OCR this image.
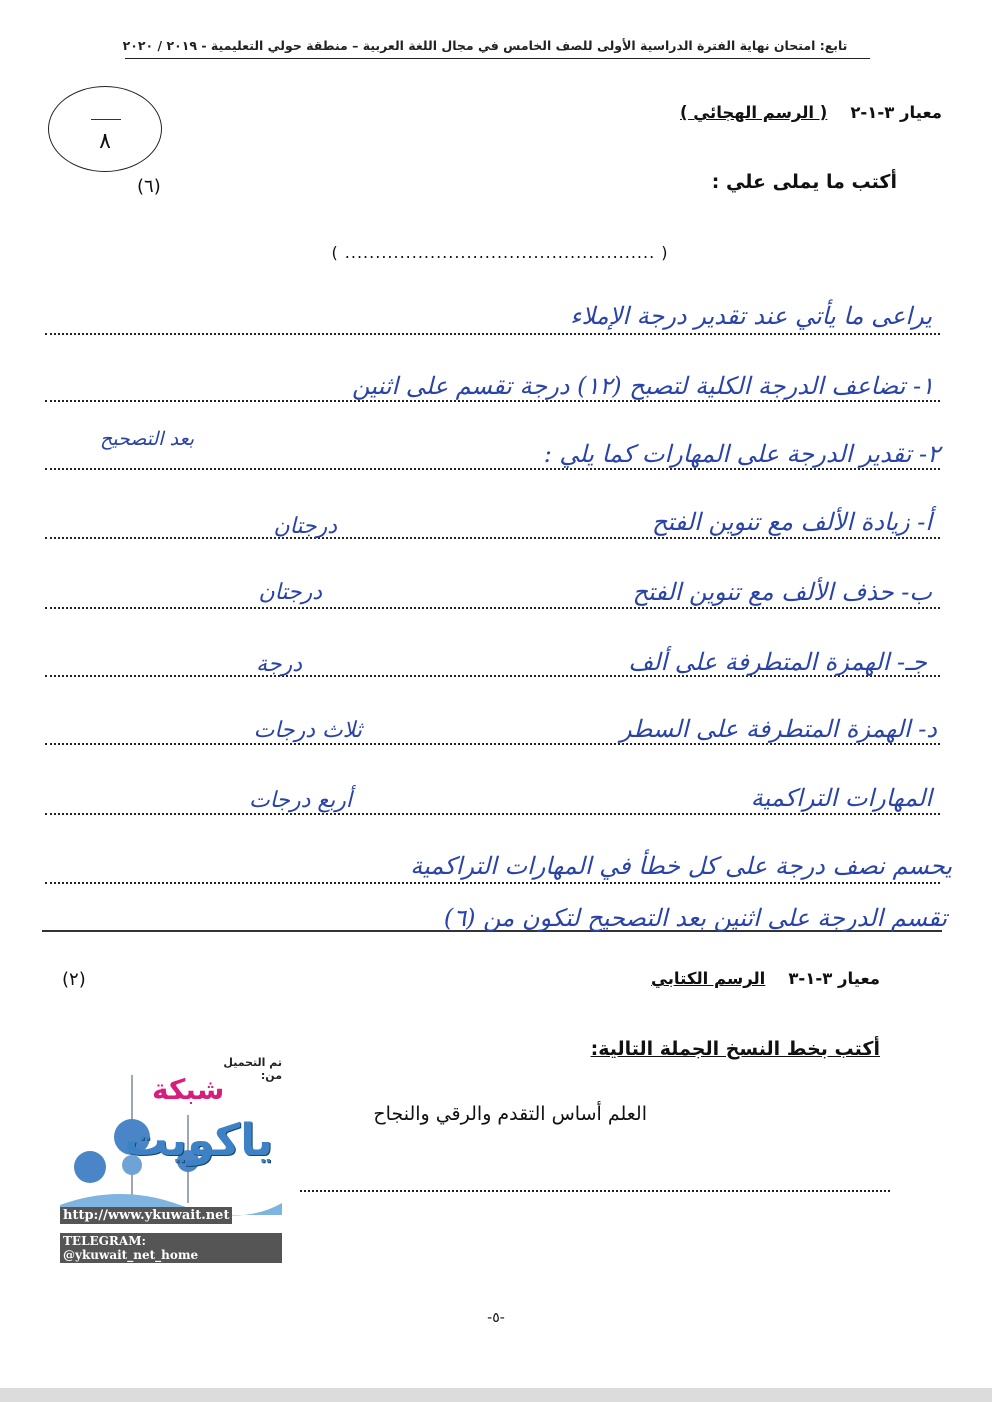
تابع: امتحان نهاية الفترة الدراسية الأولى للصف الخامس في مجال اللغة العربية – منطقة حولي التعليمية - ٢٠١٩ / ٢٠٢٠
٨
معيار ٣-١-٢    ( الرسم الهجائي )
(٦)	أكتب ما يملى علي :
( ................................................... )
يراعى ما يأتي عند تقدير درجة الإملاء
١- تضاعف الدرجة الكلية لتصبح (١٢) درجة تقسم على اثنين
بعد التصحيح
٢- تقدير الدرجة على المهارات كما يلي :
أ- زيادة الألف مع تنوين الفتح
درجتان
ب- حذف الألف مع تنوين الفتح
درجتان
جـ- الهمزة المتطرفة على ألف
درجة
د- الهمزة المتطرفة على السطر
ثلاث درجات
المهارات التراكمية
أربع درجات
يحسم نصف درجة على كل خطأ في المهارات التراكمية
تقسم الدرجة على اثنين بعد التصحيح لتكون من (٦)
(٢)	معيار ٣-١-٣    الرسم الكتابي
أكتب بخط النسخ الجملة التالية:
العلم أساس التقدم والرقي والنجاح
تم التحميل من:
شبكة
ياكويت
http://www.ykuwait.net
TELEGRAM: @ykuwait_net_home
-٥-
